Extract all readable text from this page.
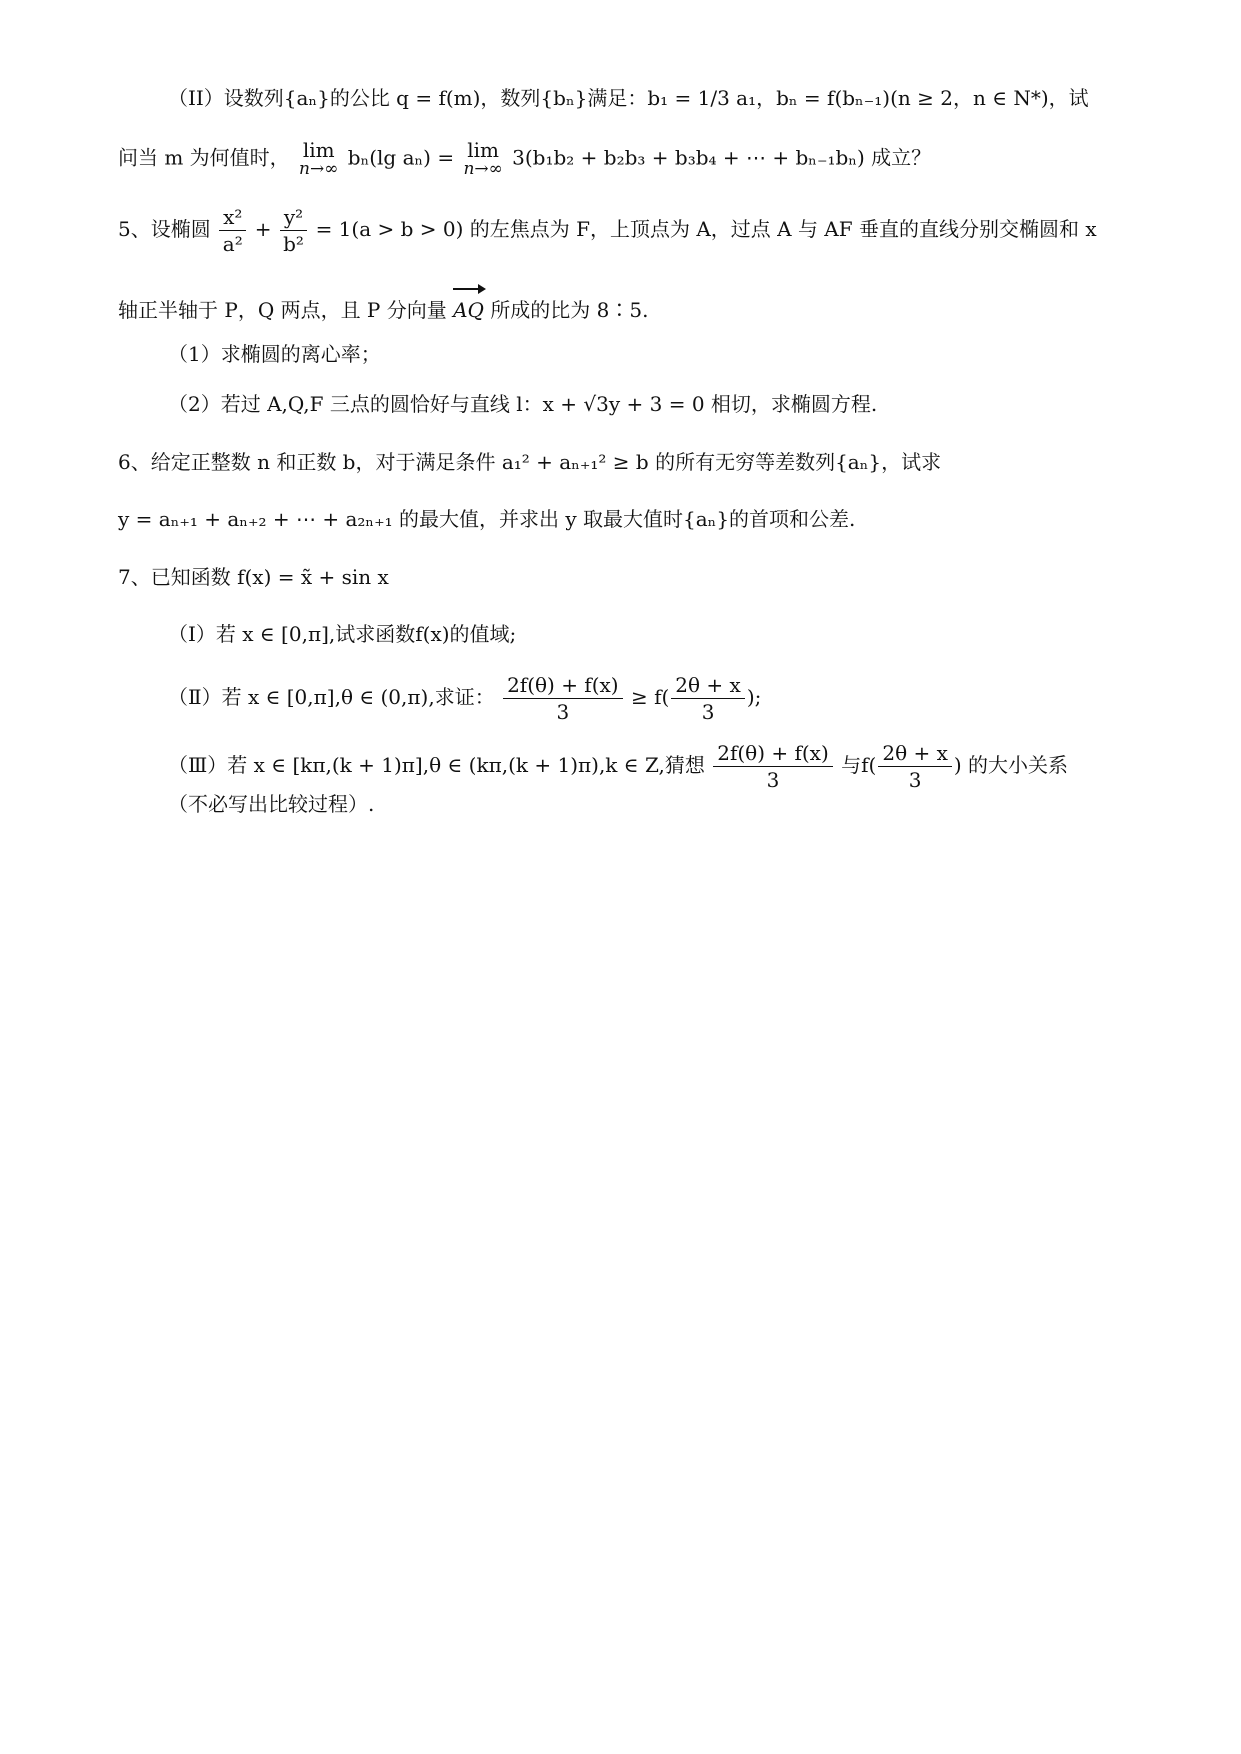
（II）设数列{aₙ}的公比 q = f(m)，数列{bₙ}满足：b₁ = 1/3 a₁，bₙ = f(bₙ₋₁)(n ≥ 2，n ∈ N*)，试
问当 m 为何值时， lim
n→∞ bₙ(lg aₙ) = lim
n→∞ 3(b₁b₂ + b₂b₃ + b₃b₄ + ⋯ + bₙ₋₁bₙ) 成立？
5、设椭圆 $\frac{\text{x²}}{\text{a²}} + \frac{\text{y²}}{\text{b²}} = 1(a > b > 0)$ 的左焦点为 F，上顶点为 A，过点 A 与 AF 垂直的直线分别交椭圆和 x
轴正半轴于 P，Q 两点，且 P 分向量 AQ 所成的比为 8∶5.
（1）求椭圆的离心率；
（2）若过 A,Q,F 三点的圆恰好与直线 l：x + √3y + 3 = 0 相切，求椭圆方程.
6、给定正整数 n 和正数 b，对于满足条件 a₁² + aₙ₊₁² ≥ b 的所有无穷等差数列{aₙ}，试求
y = aₙ₊₁ + aₙ₊₂ + ⋯ + a₂ₙ₊₁ 的最大值，并求出 y 取最大值时{aₙ}的首项和公差.
7、已知函数 f(x) = x̃ + sin x
（Ⅰ）若 x ∈ [0,π],试求函数f(x)的值域;
（Ⅱ）若 x ∈ [0,π],θ ∈ (0,π),求证： $\frac{2f(\theta) + f(x)}{3} \ge f( \frac{2\theta + x}{3}$ );
（Ⅲ）若 x ∈ [kπ,(k + 1)π],θ ∈ (kπ,(k + 1)π),k ∈ Z,猜想 $\frac{2f(\theta) + f(x)}{3}$ 与$f( \frac{2\theta + x}{3}$ ) 的大小关系
（不必写出比较过程）.
